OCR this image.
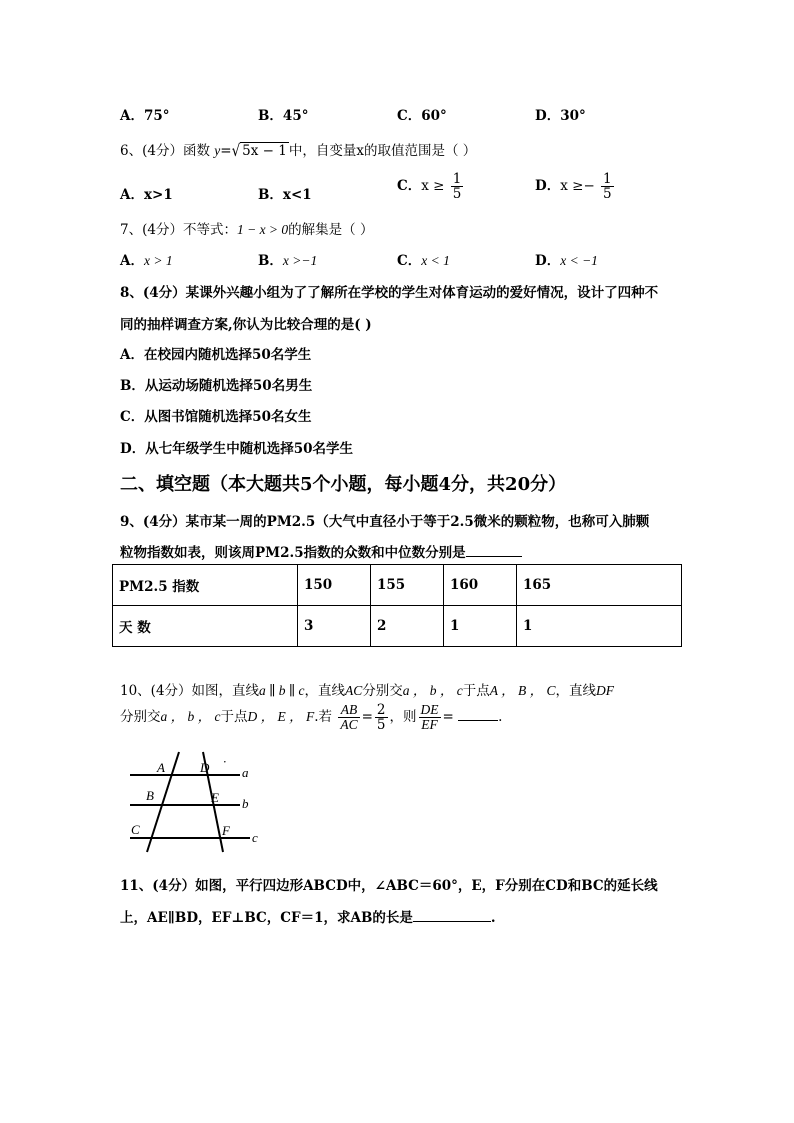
A．75°	B．45°	C．60°	D．30°
6、(4分）函数 y=√ 5x − 1 中，自变量x的取值范围是（ ）
A．x>1	B．x<1
C．$x \ge \frac{1}{5}$	D．$x \ge- \frac{1}{5}$
7、(4分）不等式：1 − x > 0的解集是（ ）
A．x > 1	B．x >−1	C．x < 1	D．x < −1
8、(4分）某课外兴趣小组为了了解所在学校的学生对体育运动的爱好情况，设计了四种不
同的抽样调查方案,你认为比较合理的是( )
A．在校园内随机选择50名学生
B．从运动场随机选择50名男生
C．从图书馆随机选择50名女生
D．从七年级学生中随机选择50名学生
二、填空题（本大题共5个小题，每小题4分，共20分）
9、(4分）某市某一周的PM2.5（大气中直径小于等于2.5微米的颗粒物，也称可入肺颗
粒物指数如表，则该周PM2.5指数的众数和中位数分别是
PM2.5 指数	150	155	160	165
天 数	3	2	1	1
10、(4分）如图，直线a ∥ b ∥ c，直线AC分别交a ， b ， c于点A ， B ， C，直线DF
分别交a ， b ， c于点D ， E ， F.若 $\frac{AB}{AC} = \frac{2}{5}$ ，则 $\frac{DE}{EF}$ =	.
A	D	a
B	E b
C	F c
·
11、(4分）如图，平行四边形ABCD中，∠ABC＝60°，E，F分别在CD和BC的延长线
上，AE∥BD，EF⊥BC，CF＝1，求AB的长是	.
